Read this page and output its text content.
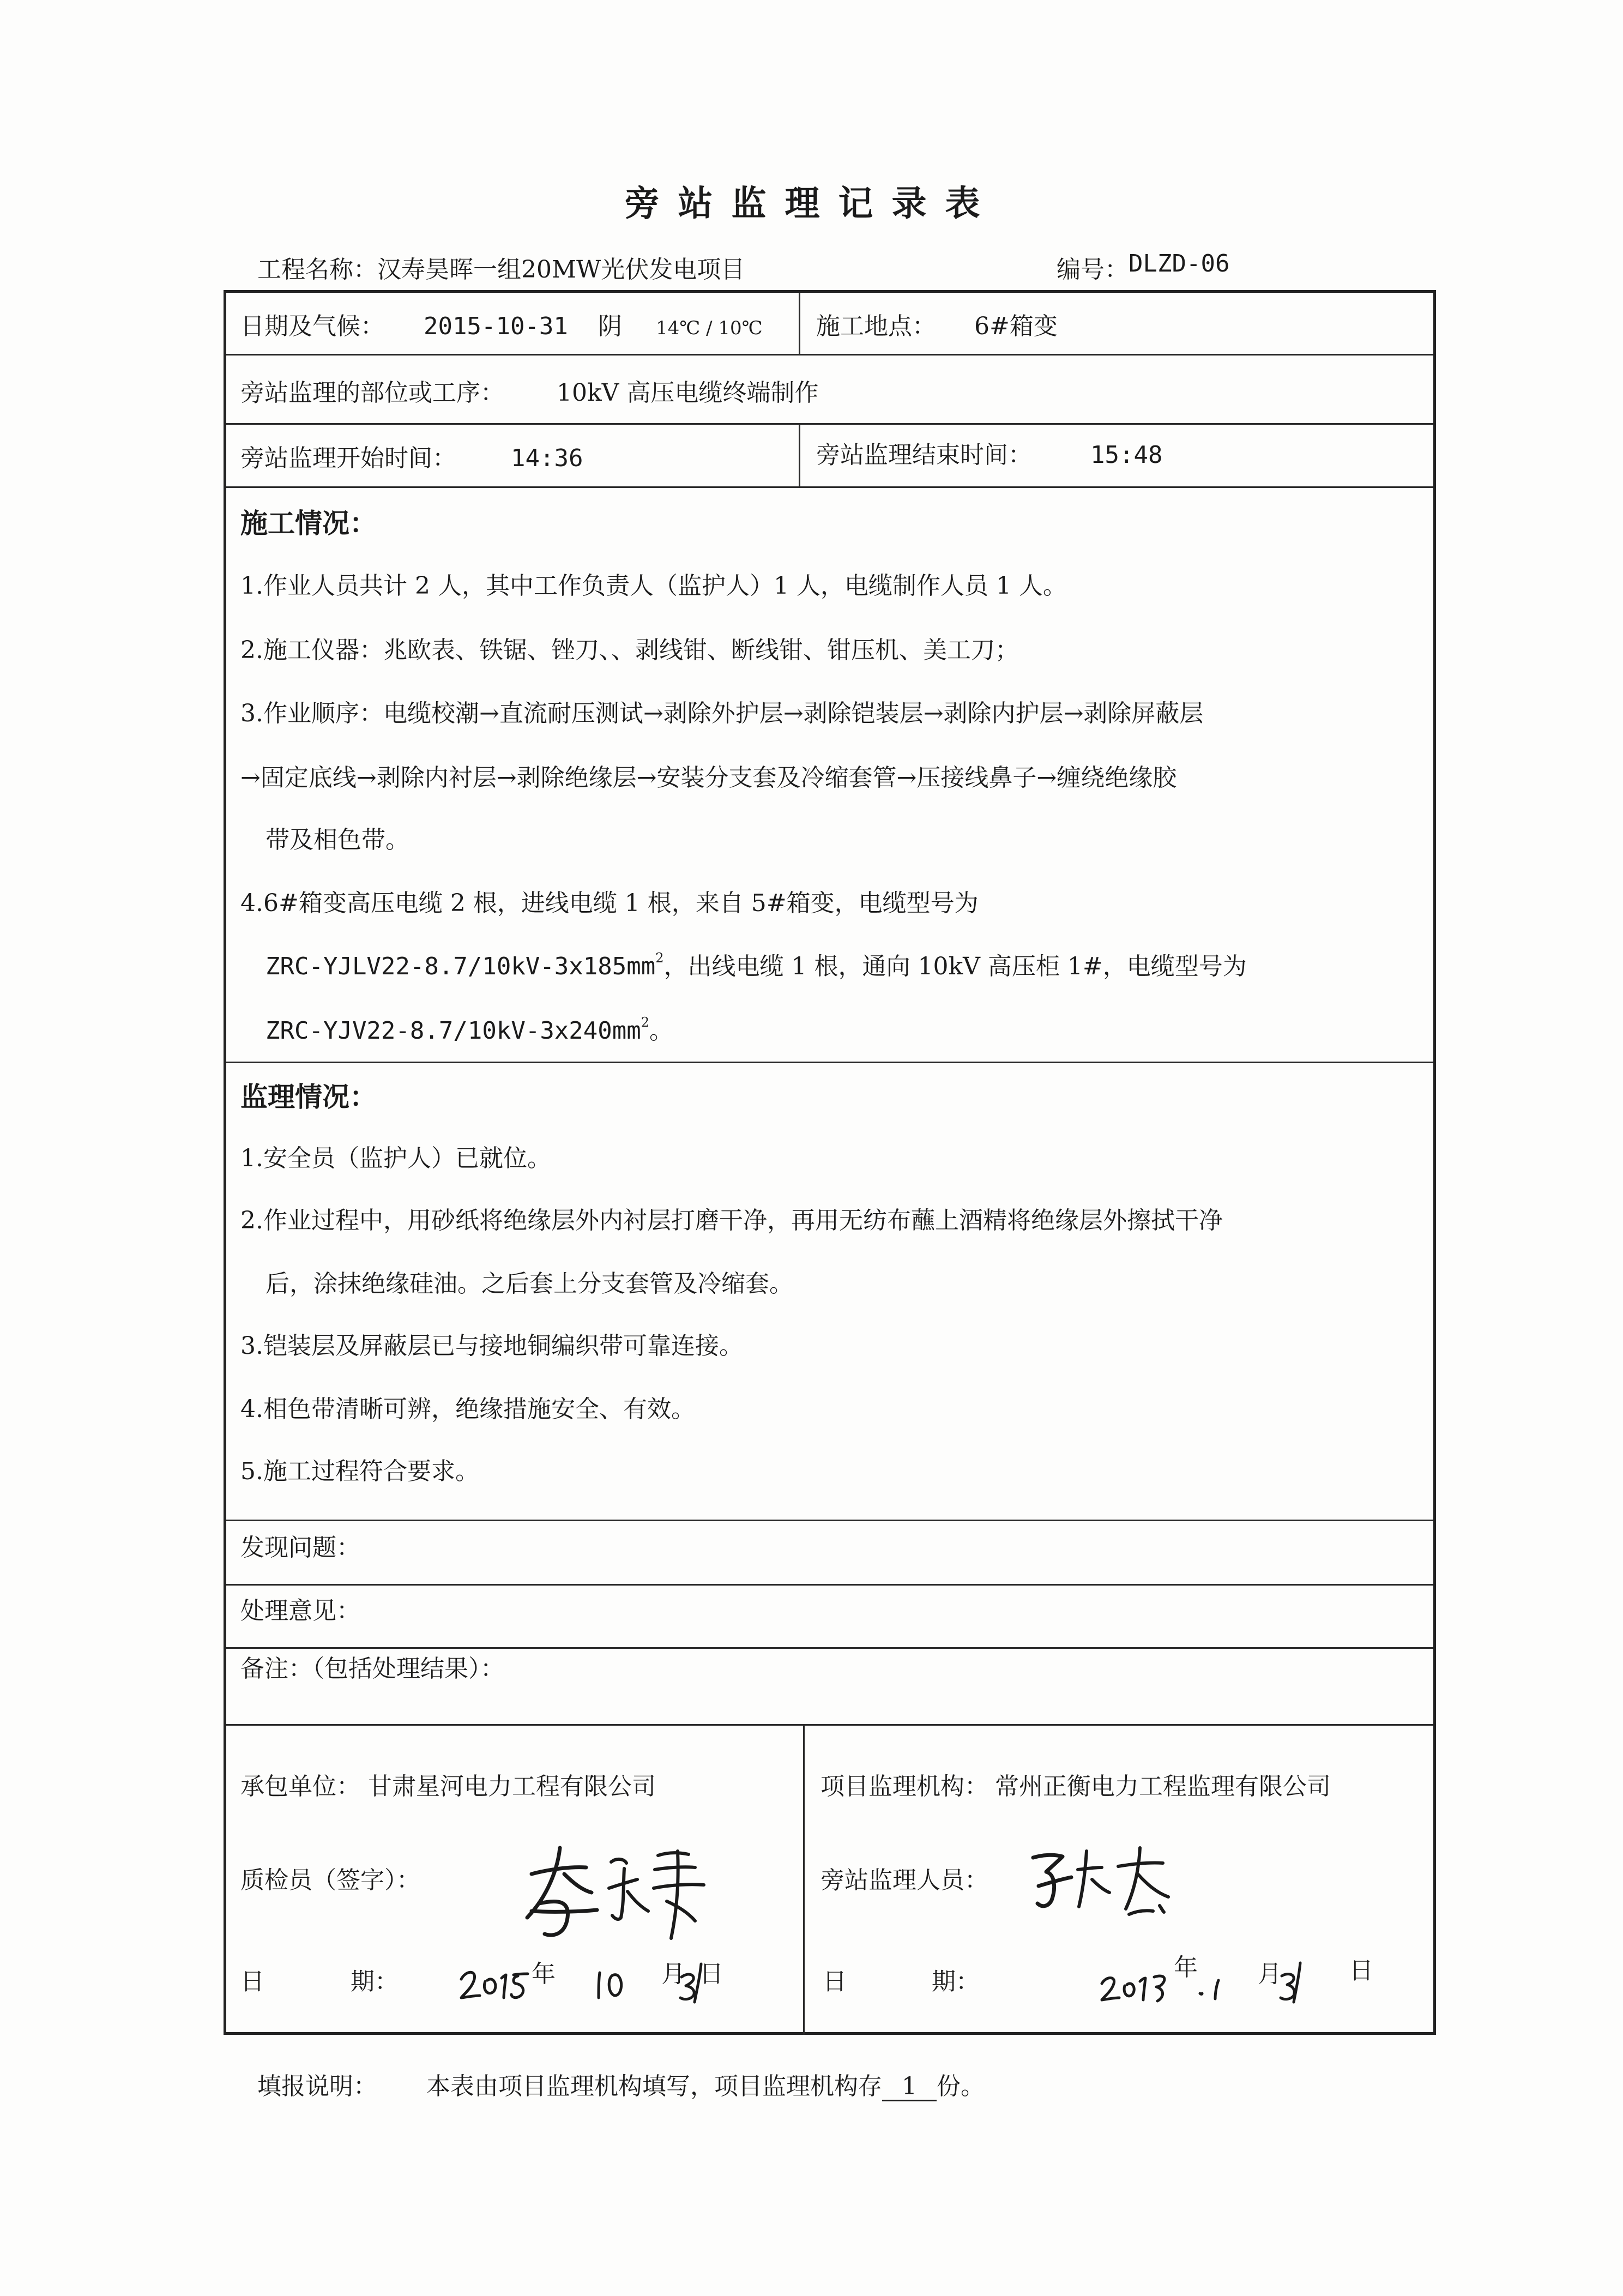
旁站监理记录表
工程名称： 汉寿昊晖一组20MW光伏发电项目	编号： DLZD-06
日期及气候： 2015-10-31 阴 14℃ / 10℃ 施工地点： 6#箱变
旁站监理的部位或工序： 10kV 高压电缆终端制作
旁站监理开始时间： 14:36	旁站监理结束时间： 15:48
施工情况：
1.作业人员共计 2 人，其中工作负责人（监护人）1 人，电缆制作人员 1 人。
2.施工仪器：兆欧表、铁锯、锉刀、、剥线钳、断线钳、钳压机、美工刀；
3.作业顺序：电缆校潮→直流耐压测试→剥除外护层→剥除铠装层→剥除内护层→剥除屏蔽层
→固定底线→剥除内衬层→剥除绝缘层→安装分支套及冷缩套管→压接线鼻子→缠绕绝缘胶
带及相色带。
4.6#箱变高压电缆 2 根，进线电缆 1 根，来自 5#箱变，电缆型号为
ZRC-$YJLV22-8.7/10kV-3x185mm^2$，出线电缆 1 根，通向 10kV 高压柜 1#，电缆型号为
ZRC-$YJV22-8.7/10kV-3x240mm^2$。
监理情况：
1.安全员（监护人）已就位。
2.作业过程中，用砂纸将绝缘层外内衬层打磨干净，再用无纺布蘸上酒精将绝缘层外擦拭干净
后，涂抹绝缘硅油。之后套上分支套管及冷缩套。
3.铠装层及屏蔽层已与接地铜编织带可靠连接。
4.相色带清晰可辨，绝缘措施安全、有效。
5.施工过程符合要求。
发现问题：
处理意见：
备注：（包括处理结果）：
承包单位： 甘肃星河电力工程有限公司
质检员（签字）：
日	期：	年	月 日
项目监理机构： 常州正衡电力工程监理有限公司
旁站监理人员：
日	期：
年	月	日
填报说明： 本表由项目监理机构填写，项目监理机构存 1 份。
